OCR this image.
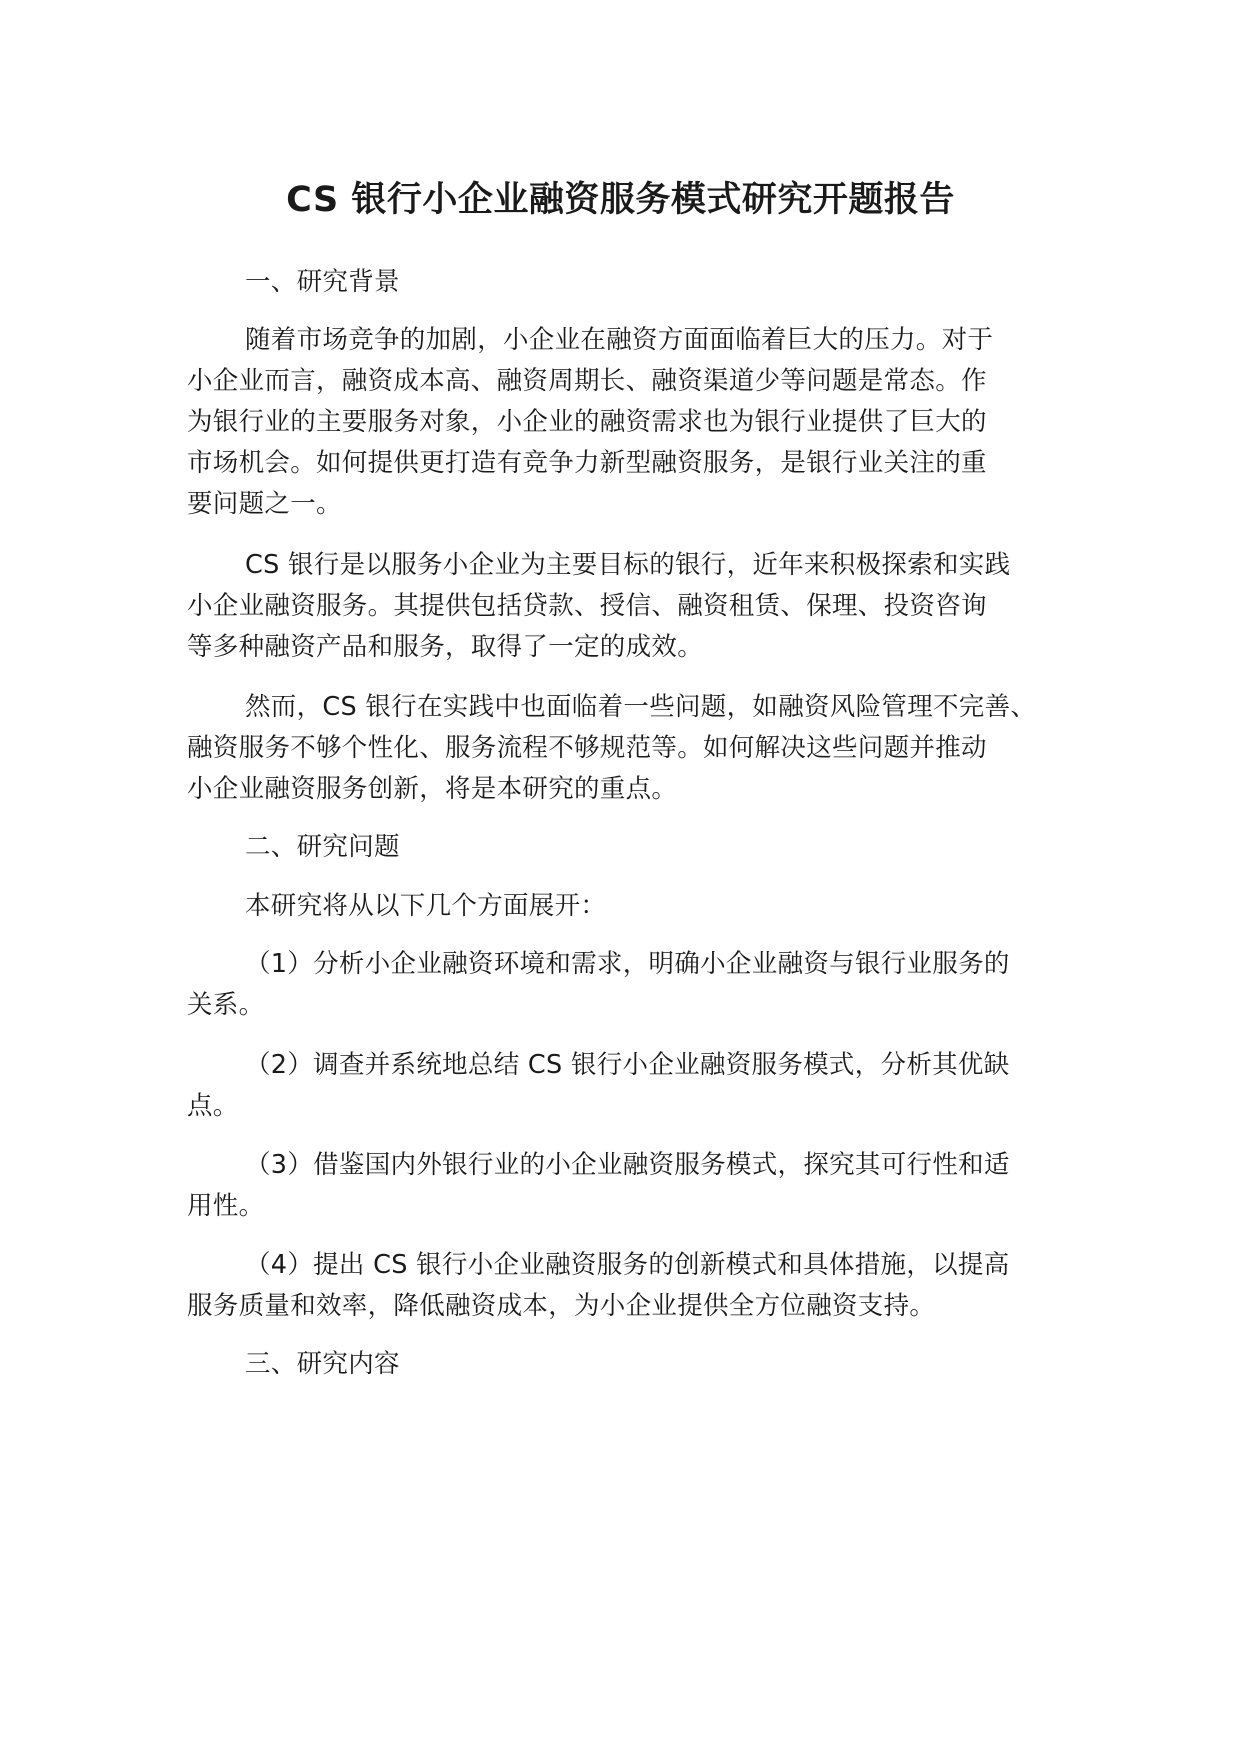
CS 银行小企业融资服务模式研究开题报告
一、研究背景
随着市场竞争的加剧，小企业在融资方面面临着巨大的压力。对于
小企业而言，融资成本高、融资周期长、融资渠道少等问题是常态。作
为银行业的主要服务对象，小企业的融资需求也为银行业提供了巨大的
市场机会。如何提供更打造有竞争力新型融资服务，是银行业关注的重
要问题之一。
CS 银行是以服务小企业为主要目标的银行，近年来积极探索和实践
小企业融资服务。其提供包括贷款、授信、融资租赁、保理、投资咨询
等多种融资产品和服务，取得了一定的成效。
然而，CS 银行在实践中也面临着一些问题，如融资风险管理不完善、
融资服务不够个性化、服务流程不够规范等。如何解决这些问题并推动
小企业融资服务创新，将是本研究的重点。
二、研究问题
本研究将从以下几个方面展开：
（1）分析小企业融资环境和需求，明确小企业融资与银行业服务的
关系。
（2）调查并系统地总结 CS 银行小企业融资服务模式，分析其优缺
点。
（3）借鉴国内外银行业的小企业融资服务模式，探究其可行性和适
用性。
（4）提出 CS 银行小企业融资服务的创新模式和具体措施，以提高
服务质量和效率，降低融资成本，为小企业提供全方位融资支持。
三、研究内容
